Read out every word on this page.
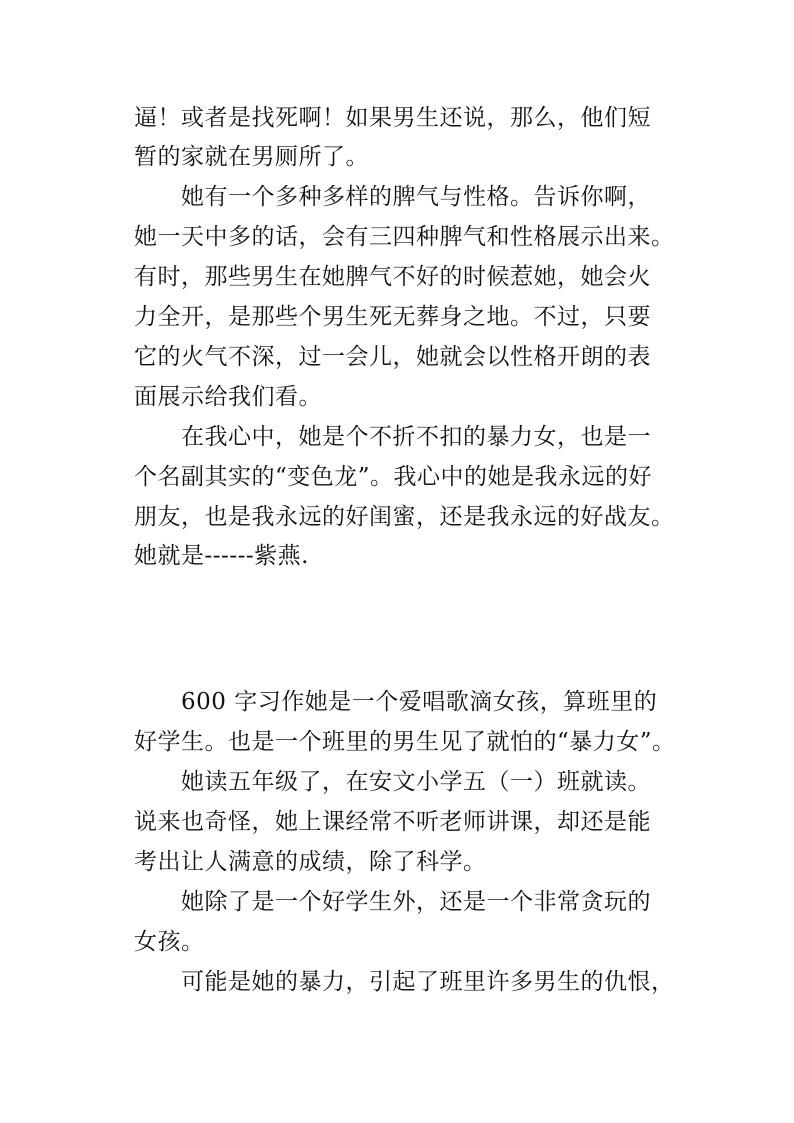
逼！或者是找死啊！如果男生还说，那么，他们短
暂的家就在男厕所了。
她有一个多种多样的脾气与性格。告诉你啊，
她一天中多的话，会有三四种脾气和性格展示出来。
有时，那些男生在她脾气不好的时候惹她，她会火
力全开，是那些个男生死无葬身之地。不过，只要
它的火气不深，过一会儿，她就会以性格开朗的表
面展示给我们看。
在我心中，她是个不折不扣的暴力女，也是一
个名副其实的“变色龙”。我心中的她是我永远的好
朋友，也是我永远的好闺蜜，还是我永远的好战友。
她就是------紫燕.
600 字习作她是一个爱唱歌滴女孩，算班里的
好学生。也是一个班里的男生见了就怕的“暴力女”。
她读五年级了，在安文小学五（一）班就读。
说来也奇怪，她上课经常不听老师讲课，却还是能
考出让人满意的成绩，除了科学。
她除了是一个好学生外，还是一个非常贪玩的
女孩。
可能是她的暴力，引起了班里许多男生的仇恨，
